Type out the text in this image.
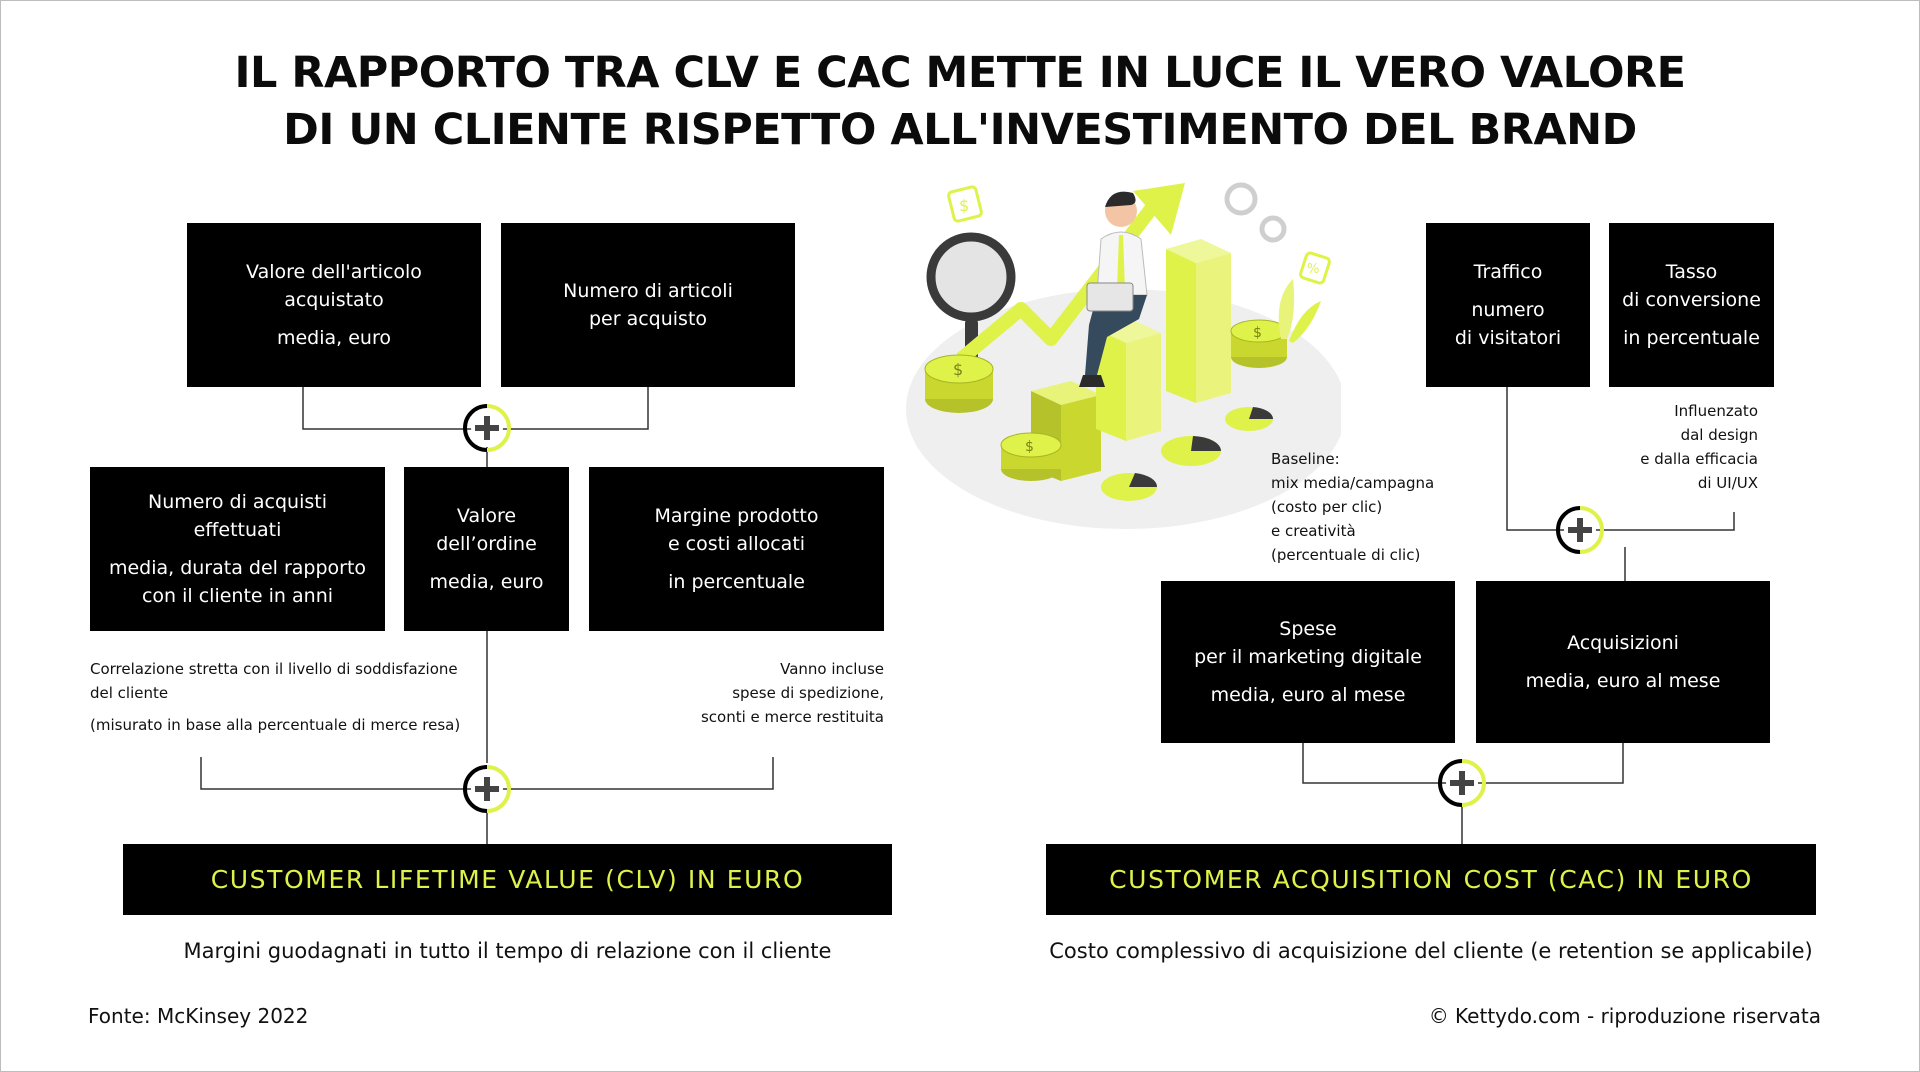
IL RAPPORTO TRA CLV E CAC METTE IN LUCE IL VERO VALORE
DI UN CLIENTE RISPETTO ALL'INVESTIMENTO DEL BRAND
Valore dell'articolo
acquistato
media, euro
Numero di articoli
per acquisto
Numero di acquisti
effettuati
media, durata del rapporto
con il cliente in anni
Valore
dell’ordine
media, euro
Margine prodotto
e costi allocati
in percentuale
Correlazione stretta con il livello di soddisfazione
del cliente
(misurato in base alla percentuale di merce resa)
Vanno incluse
spese di spedizione,
sconti e merce restituita
CUSTOMER LIFETIME VALUE (CLV) IN EURO
Margini guodagnati in tutto il tempo di relazione con il cliente
$
$
$
$
%	Traffico
numero
di visitatori
Tasso
di conversione
in percentuale
Influenzato
dal design
e dalla efficacia
di UI/UX
Baseline:
mix media/campagna
(costo per clic)
e creatività
(percentuale di clic)
Spese
per il marketing digitale
media, euro al mese
Acquisizioni
media, euro al mese
CUSTOMER ACQUISITION COST (CAC) IN EURO
Costo complessivo di acquisizione del cliente (e retention se applicabile)
Fonte: McKinsey 2022	© Kettydo.com - riproduzione riservata
